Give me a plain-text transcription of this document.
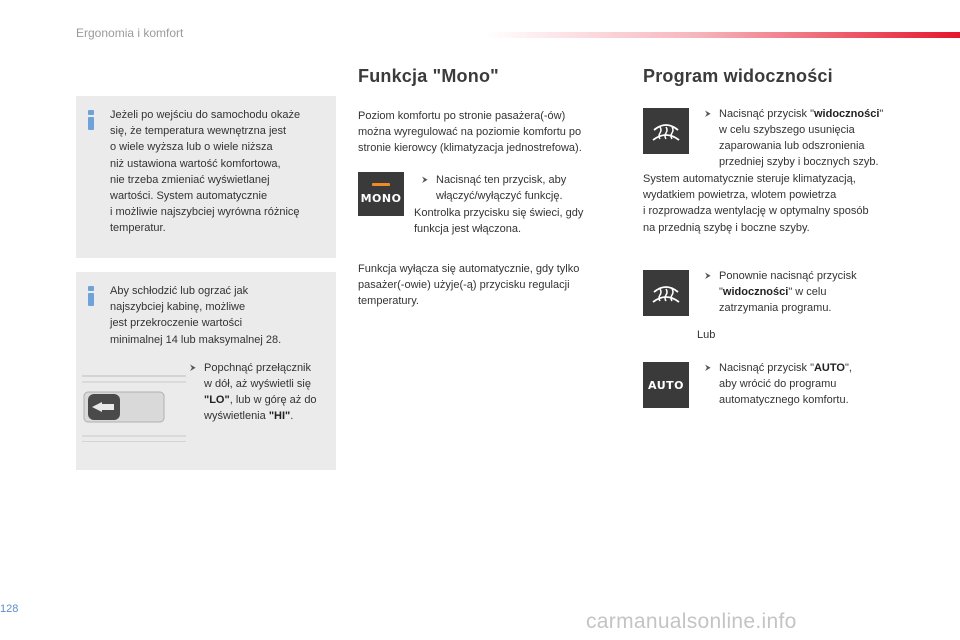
Ergonomia i komfort

Jeżeli po wejściu do samochodu okaże

się, że temperatura wewnętrzna jest

o wiele wyższa lub o wiele niższa

niż ustawiona wartość komfortowa,

nie trzeba zmieniać wyświetlanej

wartości. System automatycznie

i możliwie najszybciej wyrówna różnicę

temperatur.

Aby schłodzić lub ogrzać jak

najszybciej kabinę, możliwe

jest przekroczenie wartości

minimalnej 14 lub maksymalnej 28.

⮞ Popchnąć przełącznik
w dół, aż wyświetli się
"LO", lub w górę aż do
wyświetlenia "HI".
Funkcja "Mono"
Poziom komfortu po stronie pasażera(-ów)
można wyregulować na poziomie komfortu po
stronie kierowcy (klimatyzacja jednostrefowa).
MONO
⮞ Nacisnąć ten przycisk, aby
włączyć/wyłączyć funkcję.
Kontrolka przycisku się świeci, gdy
funkcja jest włączona.
Funkcja wyłącza się automatycznie, gdy tylko
pasażer(-owie) użyje(-ą) przycisku regulacji
temperatury.
Program widoczności
⮞ Nacisnąć przycisk "widoczności"
w celu szybszego usunięcia
zaparowania lub odszronienia
przedniej szyby i bocznych szyb.
System automatycznie steruje klimatyzacją,
wydatkiem powietrza, wlotem powietrza
i rozprowadza wentylację w optymalny sposób
na przednią szybę i boczne szyby.
⮞ Ponownie nacisnąć przycisk
"widoczności" w celu
zatrzymania programu.
Lub
AUTO
⮞ Nacisnąć przycisk "AUTO",
aby wrócić do programu
automatycznego komfortu.
128
carmanualsonline.info
